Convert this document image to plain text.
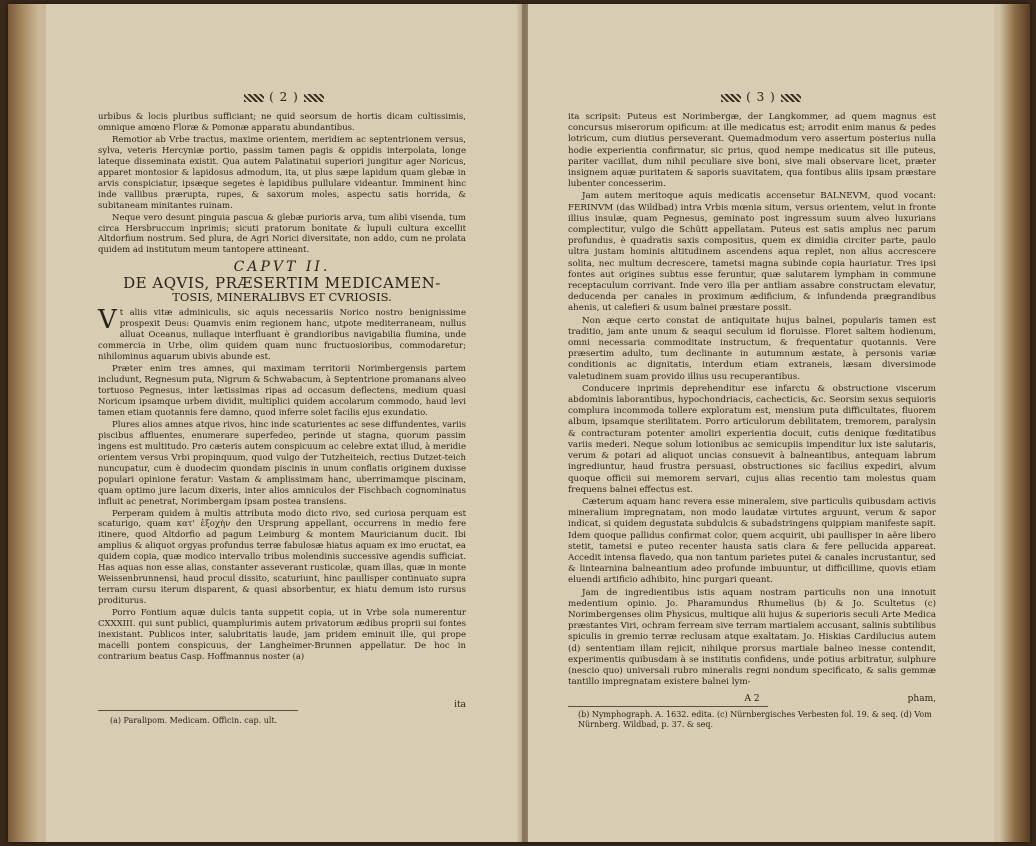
( 2 )

urbibus & locis pluribus sufficiant; ne quid seorsum de hortis dicam cultissimis, omnique amœno Floræ & Pomonæ apparatu abundantibus.

Remotior ab Vrbe tractus, maxime orientem, meridiem ac septentrionem versus, sylva, veteris Hercyniæ portio, passim tamen pagis & oppidis interpolata, longe lateque disseminata existit. Qua autem Palatinatui superiori jungitur ager Noricus, apparet montosior & lapidosus admodum, ita, ut plus sæpe lapidum quam glebæ in arvis conspiciatur, ipsæque segetes è lapidibus pullulare videantur. Imminent hinc inde vallibus prærupta, rupes, & saxorum moles, aspectu satis horrida, & subitaneam minitantes ruinam.

Neque vero desunt pinguia pascua & glebæ purioris arva, tum alibi visenda, tum circa Hersbruccum inprimis; sicuti pratorum bonitate & lupuli cultura excellit Altdorfium nostrum. Sed plura, de Agri Norici diversitate, non addo, cum ne prolata quidem ad institutum meum tantopere attineant.

CAPVT II.
DE AQVIS, PRÆSERTIM MEDICAMEN-
TOSIS, MINERALIBVS ET CVRIOSIS.

Vt aliis vitæ adminiculis, sic aquis necessariis Norico nostro benignissime prospexit Deus: Quamvis enim regionem hanc, utpote mediterraneam, nullus alluat Oceanus, nullaque interfluant è grandioribus navigabilia flumina, unde commercia in Urbe, olim quidem quam nunc fructuosioribus, commodaretur; nihilominus aquarum ubivis abunde est.

Præter enim tres amnes, qui maximam territorii Norimbergensis partem includunt, Regnesum puta, Nigrum & Schwabacum, à Septentrione promanans alveo tortuoso Pegnesus, inter lætissimas ripas ad occasum deflectens, medium quasi Noricum ipsamque urbem dividit, multiplici quidem accolarum commodo, haud levi tamen etiam quotannis fere damno, quod inferre solet facilis ejus exundatio.

Plures alios amnes atque rivos, hinc inde scaturientes ac sese diffundentes, variis piscibus affluentes, enumerare superfedeo, perinde ut stagna, quorum passim ingens est multitudo. Pro cæteris autem conspicuum ac celebre extat illud, à meridie orientem versus Vrbi propinquum, quod vulgo der Tutzheiteich, rectius Dutzet-teich nuncupatur, cum è duodecim quondam piscinis in unum conflatis originem duxisse populari opinione feratur: Vastam & amplissimam hanc, uberrimamque piscinam, quam optimo jure lacum dixeris, inter alios amniculos der Fischbach cognominatus influit ac penetrat, Norimbergam ipsam postea transiens.

Perperam quidem à multis attributa modo dicto rivo, sed curiosa perquam est scaturigo, quam κατ' ἐξοχὴν den Ursprung appellant, occurrens in medio fere itinere, quod Altdorfio ad pagum Leimburg & montem Mauricianum ducit. Ibi amplius & aliquot orgyas profundus terræ fabulosæ hiatus aquam ex imo eructat, ea quidem copia, quæ modico intervallo tribus molendinis successive agendis sufficiat. Has aquas non esse alias, constanter asseverant rusticolæ, quam illas, quæ in monte Weissenbrunnensi, haud procul dissito, scaturiunt, hinc paullisper continuato supra terram cursu iterum disparent, & quasi absorbentur, ex hiatu demum isto rursus proditurus.

Porro Fontium aquæ dulcis tanta suppetit copia, ut in Vrbe sola numerentur CXXXIII. qui sunt publici, quamplurimis autem privatorum ædibus proprii sui fontes inexistant. Publicos inter, salubritatis laude, jam pridem eminuit ille, qui prope macelli pontem conspicuus, der Langheimer-Brunnen appellatur. De hoc in contrarium beatus Casp. Hoffmannus noster (a)

ita
(a) Paralipom. Medicam. Officin. cap. ult.
( 3 )

ita scripsit: Puteus est Norimbergæ, der Langkommer, ad quem magnus est concursus miserorum opificum: at ille medicatus est; arrodit enim manus & pedes lotricum, cum diutius perseverant. Quemadmodum vero assertum posterius nulla hodie experientia confirmatur, sic prius, quod nempe medicatus sit ille puteus, pariter vacillat, dum nihil peculiare sive boni, sive mali observare licet, præter insignem aquæ puritatem & saporis suavitatem, qua fontibus aliis ipsam præstare lubenter concesserim.

Jam autem meritoque aquis medicatis accensetur BALNEVM, quod vocant: FERINVM (das Wildbad) intra Vrbis mœnia situm, versus orientem, velut in fronte illius insulæ, quam Pegnesus, geminato post ingressum suum alveo luxurians complectitur, vulgo die Schütt appellatam. Puteus est satis amplus nec parum profundus, è quadratis saxis compositus, quem ex dimidia circiter parte, paulo ultra justam hominis altitudinem ascendens aqua replet, non alius accrescere solita, nec multum decrescere, tametsi magna subinde copia hauriatur. Tres ipsi fontes aut origines subtus esse feruntur, quæ salutarem lympham in commune receptaculum corrivant. Inde vero illa per antliam assabre constructam elevatur, deducenda per canales in proximum ædificium, & infundenda prægrandibus ahenis, ut calefieri & usum balnei præstare possit.

Non æque certo constat de antiquitate hujus balnei, popularis tamen est traditio, jam ante unum & seaqui seculum id floruisse. Floret saltem hodienum, omni necessaria commoditate instructum, & frequentatur quotannis. Vere præsertim adulto, tum declinante in autumnum æstate, à personis variæ conditionis ac dignitatis, interdum etiam extraneis, læsam diversimode valetudinem suam provido illius usu recuperantibus.

Conducere inprimis deprehenditur ese infarctu & obstructione viscerum abdominis laborantibus, hypochondriacis, cachecticis, &c. Seorsim sexus sequioris complura incommoda tollere exploratum est, mensium puta difficultates, fluorem album, ipsamque sterilitatem. Porro articulorum debilitatem, tremorem, paralysin & contracturam potenter amoliri experientia docuit, cutis denique fœditatibus variis mederi. Neque solum lotionibus ac semicupiis impenditur lux iste salutaris, verum & potari ad aliquot uncias consuevit à balneantibus, antequam labrum ingrediuntur, haud frustra persuasi, obstructiones sic facilius expediri, alvum quoque officii sui memorem servari, cujus alias recentio tam molestus quam frequens balnei effectus est.

Cæterum aquam hanc revera esse mineralem, sive particulis quibusdam activis mineralium impregnatam, non modo laudatæ virtutes arguunt, verum & sapor indicat, si quidem degustata subdulcis & subadstringens quippiam manifeste sapit. Idem quoque pallidus confirmat color, quem acquirit, ubi paullisper in aëre libero stetit, tametsi e puteo recenter hausta satis clara & fere pellucida appareat. Accedit intensa flavedo, qua non tantum parietes putei & canales incrustantur, sed & lintearnina balneantium adeo profunde imbuuntur, ut difficillime, quovis etiam eluendi artificio adhibito, hinc purgari queant.

Jam de ingredientibus istis aquam nostram particulis non una innotuit medentium opinio. Jo. Pharamundus Rhumelius (b) & Jo. Scultetus (c) Norimbergenses olim Physicus, multique alii hujus & superioris seculi Arte Medica præstantes Viri, ochram ferream sive terram martialem accusant, salinis subtilibus spiculis in gremio terræ reclusam atque exaltatam. Jo. Hiskias Cardilucius autem (d) sententiam illam rejicit, nihilque prorsus martiale balneo inesse contendit, experimentis quibusdam à se institutis confidens, unde potius arbitratur, sulphure (nescio quo) universali rubro mineralis regni nondum specificato, & salis gemmæ tantillo impregnatam existere balnei lym-

A 2	pham,
(b) Nymphograph. A. 1632. edita. (c) Nürnbergisches Verbesten fol. 19. & seq. (d) Vom Nürnberg. Wildbad, p. 37. & seq.
